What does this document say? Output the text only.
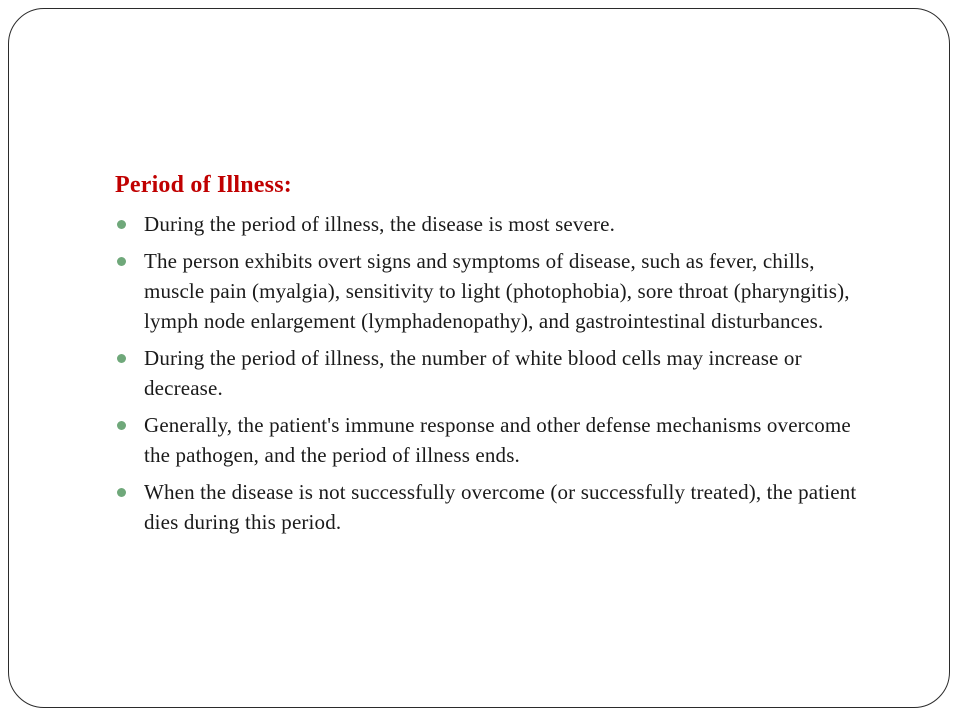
Period of Illness:
During the period of illness, the disease is most severe.
The person exhibits overt signs and symptoms of disease, such as fever, chills, muscle pain (myalgia), sensitivity to light (photophobia), sore throat (pharyngitis), lymph node enlargement (lymphadenopathy), and gastrointestinal disturbances.
During the period of illness, the number of white blood cells may increase or decrease.
Generally, the patient's immune response and other defense mechanisms overcome the pathogen, and the period of illness ends.
When the disease is not successfully overcome (or successfully treated), the patient dies during this period.
